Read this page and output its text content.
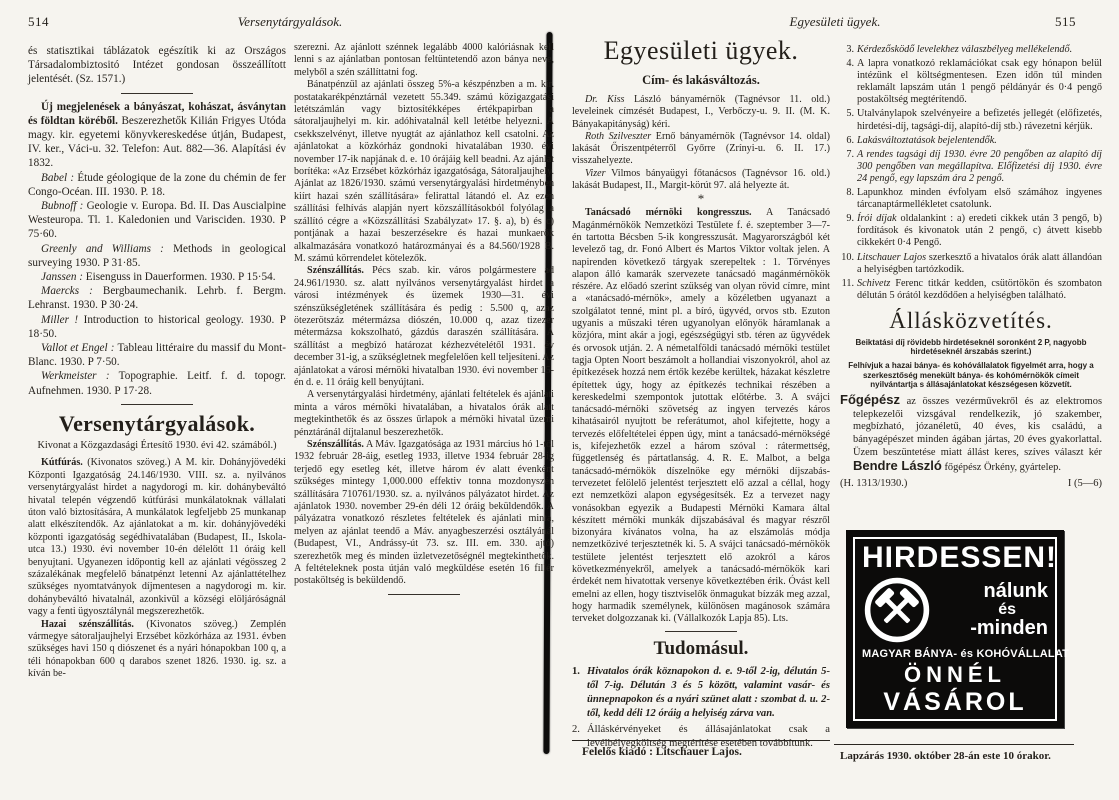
514	Versenytárgyalások.	Egyesületi ügyek.	515

és statisztikai táblázatok egészítik ki az Országos Társadalombiztositó Intézet gondosan összeállított jelentését. (Sz. 1571.)

Új megjelenések a bányászat, kohászat, ásványtan és földtan köréből. Beszerezhetők Kilián Frigyes Utóda magy. kir. egyetemi könyvkereskedése útján, Budapest, IV. ker., Váci-u. 32. Telefon: Aut. 882—36. Alapítási év 1832.

Babel : Étude géologique de la zone du chémin de fer Congo-Océan. III. 1930. P. 18.

Bubnoff : Geologie v. Europa. Bd. II. Das Auscialpine Westeuropa. Tl. 1. Kaledonien und Varisciden. 1930. P 75·60.

Greenly and Williams : Methods in geological surveying 1930. P 31·85.

Janssen : Eisenguss in Dauerformen. 1930. P 15·54.

Maercks : Bergbaumechanik. Lehrb. f. Bergm. Lehranst. 1930. P 30·24.

Miller ! Introduction to historical geology. 1930. P 18·50.

Vallot et Engel : Tableau littéraire du massif du Mont-Blanc. 1930. P 7·50.

Werkmeister : Topographie. Leitf. f. d. topogr. Aufnehmen. 1930. P 17·28.

Versenytárgyalások.

Kivonat a Közgazdasági Értesítő 1930. évi 42. számából.)

Kútfúrás. (Kivonatos szöveg.) A M. kir. Dohányjövedéki Központi Igazgatóság 24.146/1930. VIII. sz. a. nyilvános versenytárgyalást hirdet a nagydorogi m. kir. dohánybeváltó hivatal telepén végzendő kútfúrási munkálatoknak vállalati úton való biztosítására, A munkálatok legfeljebb 25 munkanap alatt elkészítendők. Az ajánlatokat a m. kir. dohányjövedéki központi igazgatóság segédhivatalában (Budapest, II., Iskola-utca 13.) 1930. évi november 10-én délelőtt 11 óráig kell benyujtani. Ugyanezen időpontig kell az ajánlati végösszeg 2 százalékának megfelelő bánatpénzt letenni Az ajánlattételhez szükséges nyomtatványok díjmentesen a nagydorogi m. kir. dohánybeváltó hivatalnál, azonkivül a községi elöljáróságnál vagy a fenti ügyosztálynál megszerezhetők.

Hazai szénszállítás. (Kivonatos szöveg.) Zemplén vármegye sátoraljaujhelyi Erzsébet közkórháza az 1931. évben szükséges havi 150 q diószenet és a nyári hónapokban 100 q, a téli hónapokban 600 q darabos szenet 1826. 1930. ig. sz. a kíván be-

szerezni. Az ajánlott szénnek legalább 4000 kalóriásnak kell lenni s az ajánlatban pontosan feltüntetendő azon bánya neve, melyből a szén szállíttatni fog.

Bánatpénzül az ajánlati összeg 5%-a készpénzben a m. kir. postatakarékpénztárnál vezetett 55.349. számú közigazgatási letétszámlán vagy biztosítékképes értékpapirban a sátoraljaujhelyi m. kir. adóhivatalnál kell letétbe helyezni. A csekkszelvényt, illetve nyugtát az ajánlathoz kell csatolni. Az ajánlatokat a közkórház gondnoki hivatalában 1930. évi november 17-ik napjának d. e. 10 órájáig kell beadni. Az ajánlat borítéka: «Az Erzsébet közkórház igazgatósága, Sátoraljaujhely. Ajánlat az 1826/1930. számú versenytárgyalási hirdetményben kiírt hazai szén szállítására» felirattal látandó el. Az ezen szállítási felhívás alapján nyert közszállításokból folyólag a szállító cégre a «Közszállítási Szabályzat» 17. §. a), b) és c) pontjának a hazai beszerzésekre és hazai munkaerők alkalmazására vonatkozó határozmányai és a 84.560/1928 B. M. számú körrendelet kötelezők.

Szénszállítás. Pécs szab. kir. város polgármestere ad 24.961/1930. sz. alatt nyilvános versenytárgyalást hirdet a városi intézmények és üzemek 1930—31. évi szénszükségletének szállítására és pedig : 5.500 q, azaz ötezerötszáz métermázsa diószén, 10.000 q, azaz tizezer métermázsa kokszolható, gázdús daraszén szállítására. A szállítást a megbízó határozat kézhezvételétől 1931. év december 31-ig, a szükségletnek megfelelően kell teljesíteni. Az ajánlatokat a városi mérnöki hivatalban 1930. évi november 15-én d. e. 11 óráig kell benyújtani.

A versenytárgyalási hirdetmény, ajánlati feltételek és ajánlati minta a város mérnöki hivatalában, a hivatalos órák alatt megtekinthetők és az összes űrlapok a mérnöki hivatal üzemi pénztáránál díjtalanul beszerezhetők.

Szénszállítás. A Máv. Igazgatósága az 1931 március hó 1-től 1932 február 28-áig, esetleg 1933, illetve 1934 február 28-ig terjedő egy esetleg két, illetve három év alatt évenként szükséges mintegy 1,000.000 effektiv tonna mozdonyszén szállítására 710761/1930. sz. a. nyilvános pályázatot hirdet. Az ajánlatok 1930. november 29-én déli 12 óráig beküldendők. A pályázatra vonatkozó részletes feltételek és ajánlati minta, melyen az ajánlat teendő a Máv. anyagbeszerzési osztályánál (Budapest, VI., Andrássy-út 73. sz. III. em. 330. ajtó) szerezhetők meg és minden üzletvezetőségnél megtekinthetők. A feltételeknek posta útján való megküldése esetén 16 fillér postaköltség is beküldendő.

Egyesületi ügyek.
Cím- és lakásváltozás.

Dr. Kiss László bányamérnök (Tagnévsor 11. old.) leveleinek címzését Budapest, I., Verbőczy-u. 9. II. (M. K. Bányakapitányság) kéri.

Roth Szilveszter Ernő bányamérnök (Tagnévsor 14. oldal) lakását Őriszentpéterről Győrre (Zrínyi-u. 6. II. 17.) visszahelyezte.

Vizer Vilmos bányaügyi főtanácsos (Tagnévsor 16. old.) lakását Budapest, II., Margit-körút 97. alá helyezte át.

*

Tanácsadó mérnöki kongresszus. A Tanácsadó Magánmérnökök Nemzetközi Testülete f. é. szeptember 3—7-én tartotta Bécsben 5-ik kongresszusát. Magyarországból két levelező tag, dr. Fonó Albert és Martos Viktor voltak jelen. A napirenden következő tárgyak szerepeltek : 1. Törvényes alapon álló kamarák szervezete tanácsadó magánmérnökök részére. Az előadó szerint szükség van olyan rövid címre, mint a «tanácsadó-mérnök», amely a közéletben ugyanazt a szolgálatot tenné, mint pl. a bíró, ügyvéd, orvos stb. Ezuton ugyanis a műszaki téren ugyanolyan előnyök háramlanak a közjóra, mint akár a jogi, egészségügyi stb. téren az ügyvédek és orvosok utján. 2. A németalföldi tanácsadó mérnöki testület tagja Opten Noort beszámolt a hollandiai viszonyokról, ahol az építkezések hozzá nem értők kezébe kerültek, házakat készletre építettek úgy, hogy az építkezés technikai részében a kereskedelmi szempontok jutottak előtérbe. 3. A svájci tanácsadó-mérnöki szövetség az ingyen tervezés káros kihatásairól nyujtott be referátumot, ahol kifejtette, hogy a tervezés előfeltételei éppen úgy, mint a tanácsadó-mérnökségé is, kifejezhetők ezzel a három szóval : rátermettség, függetlenség és pártatlanság. 4. R. E. Malbot, a belga tanácsadó-mérnökök díszelnöke egy mérnöki díjszabás-tervezetet felölelő jelentést terjesztett elő azzal a céllal, hogy ezt nemzetközi alapon egységesítsék. Ez a tervezet nagy vonásokban egyezik a Budapesti Mérnöki Kamara által készített mérnöki munkák díjszabásával és magyar részről bizonyára kívánatos volna, ha az elszámolás módja nemzetközivé terjesztetnék ki. 5. A svájci tanácsadó-mérnökök testülete jelentést terjesztett elő azokról a káros következményekről, amelyek a tanácsadó-mérnökök kari érdekét nem hivatottak versenye következtében érik. Óvást kell emelni az ellen, hogy tisztviselők önmagukat bízzák meg azzal, hogy harmadik személynek, különösen magánosok számára terveket dolgozzanak ki. (Vállalkozók Lapja 85). Lts.

Tudomásul.
1. Hivatalos órák köznapokon d. e. 9-től 2-ig, délután 5-től 7-ig. Délután 3 és 5 között, valamint vasár- és ünnepnapokon és a nyári szünet alatt : szombat d. u. 2-től, kedd déli 12 óráig a helyiség zárva van.
2. Álláskérvényeket és állásajánlatokat csak a levélbélyegköltség megtérítése esetében továbbítunk.
Felelős kiadó : Litschauer Lajos.
3. Kérdezősködő levelekhez válaszbélyeg mellékelendő.
4. A lapra vonatkozó reklamációkat csak egy hónapon belül intézünk el költségmentesen. Ezen időn túl minden reklamált lapszám után 1 pengő példányár és 0·4 pengő postaköltség megtérítendő.
5. Utalványlapok szelvényeire a befizetés jellegét (előfizetés, hirdetési-díj, tagsági-díj, alapító-díj stb.) rávezetni kérjük.
6. Lakásváltoztatások bejelentendők.
7. A rendes tagsági díj 1930. évre 20 pengőben az alapító díj 300 pengőben van megállapítva. Előfizetési díj 1930. évre 24 pengő, egy lapszám ára 2 pengő.
8. Lapunkhoz minden évfolyam első számához ingyenes tárcanaptármellékletet csatolunk.
9. Írói díjak oldalankint : a) eredeti cikkek után 3 pengő, b) fordítások és kivonatok után 2 pengő, c) átvett kisebb cikkekért 0·4 Pengő.
10. Litschauer Lajos szerkesztő a hivatalos órák alatt állandóan a helyiségben tartózkodik.
11. Schivetz Ferenc titkár kedden, csütörtökön és szombaton délután 5 órától kezdődően a helyiségben található.
Állásközvetítés.

Beiktatási díj rövidebb hirdetéseknél soronként 2 P, nagyobb hirdetéseknél árszabás szerint.)

Felhívjuk a hazai bánya- és kohóvállalatok figyelmét arra, hogy a szerkesztőség menekült bánya- és kohómérnökök címeit nyilvántartja s állásajánlatokat készségesen közvetít.

Főgépész az összes vezérművekről és az elektromos telepkezelői vizsgával rendelkezik, jó szakember, megbízható, józanéletű, 40 éves, kis családú, a bányagépészet minden ágában jártas, 20 éves gyakorlattal. Üzem beszüntetése miatt állást keres, szíves választ kér Bendre László főgépész Örkény, gyártelep.

(H. 1313/1930.)	I (5—6)
HIRDESSEN!
nálunk
és
-minden
MAGYAR BÁNYA- és KOHÓVÁLLALAT
ÖNNÉL
VÁSÁROL
Lapzárás 1930. október 28-án este 10 órakor.
